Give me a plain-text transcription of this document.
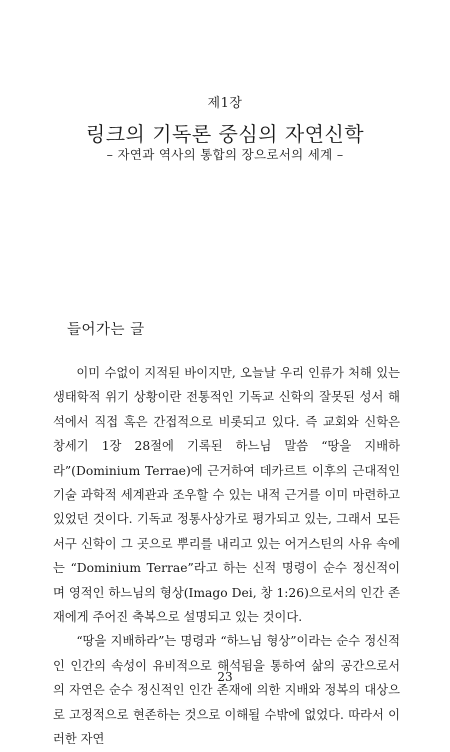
제1장
링크의 기독론 중심의 자연신학
– 자연과 역사의 통합의 장으로서의 세계 –
들어가는 글

이미 수없이 지적된 바이지만, 오늘날 우리 인류가 처해 있는 생태학적 위기 상황이란 전통적인 기독교 신학의 잘못된 성서 해석에서 직접 혹은 간접적으로 비롯되고 있다. 즉 교회와 신학은 창세기 1장 28절에 기록된 하느님 말씀 “땅을 지배하라”(Dominium Terrae)에 근거하여 데카르트 이후의 근대적인 기술 과학적 세계관과 조우할 수 있는 내적 근거를 이미 마련하고 있었던 것이다. 기독교 정통사상가로 평가되고 있는, 그래서 모든 서구 신학이 그 곳으로 뿌리를 내리고 있는 어거스틴의 사유 속에는 “Dominium Terrae”라고 하는 신적 명령이 순수 정신적이며 영적인 하느님의 형상(Imago Dei, 창 1:26)으로서의 인간 존재에게 주어진 축복으로 설명되고 있는 것이다.

“땅을 지배하라”는 명령과 “하느님 형상”이라는 순수 정신적인 인간의 속성이 유비적으로 해석됨을 통하여 삶의 공간으로서의 자연은 순수 정신적인 인간 존재에 의한 지배와 정복의 대상으로 고정적으로 현존하는 것으로 이해될 수밖에 없었다. 따라서 이러한 자연

23
